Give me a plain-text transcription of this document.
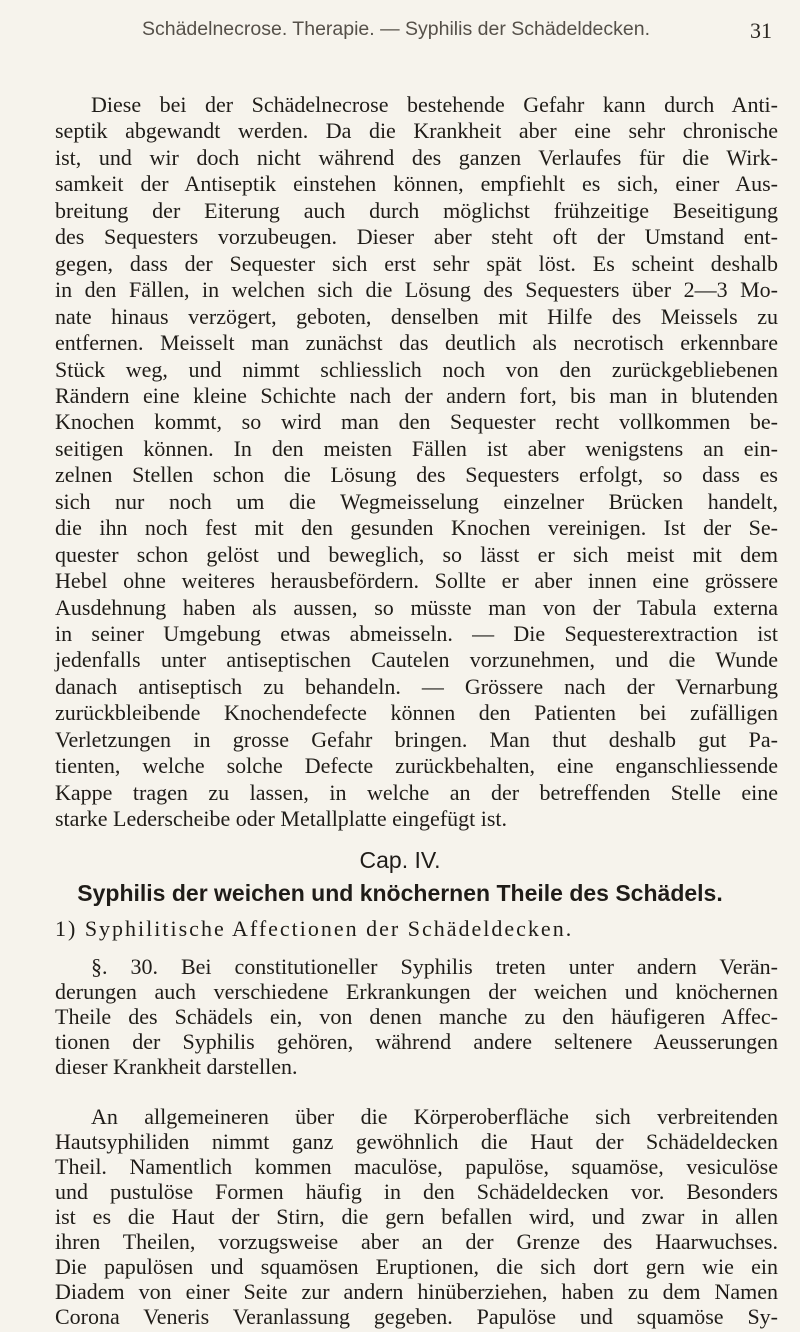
Schädelnecrose. Therapie. — Syphilis der Schädeldecken.	31
Diese bei der Schädelnecrose bestehende Gefahr kann durch Anti-
septik abgewandt werden. Da die Krankheit aber eine sehr chronische
ist, und wir doch nicht während des ganzen Verlaufes für die Wirk-
samkeit der Antiseptik einstehen können, empfiehlt es sich, einer Aus-
breitung der Eiterung auch durch möglichst frühzeitige Beseitigung
des Sequesters vorzubeugen. Dieser aber steht oft der Umstand ent-
gegen, dass der Sequester sich erst sehr spät löst. Es scheint deshalb
in den Fällen, in welchen sich die Lösung des Sequesters über 2—3 Mo-
nate hinaus verzögert, geboten, denselben mit Hilfe des Meissels zu
entfernen. Meisselt man zunächst das deutlich als necrotisch erkennbare
Stück weg, und nimmt schliesslich noch von den zurückgebliebenen
Rändern eine kleine Schichte nach der andern fort, bis man in blutenden
Knochen kommt, so wird man den Sequester recht vollkommen be-
seitigen können. In den meisten Fällen ist aber wenigstens an ein-
zelnen Stellen schon die Lösung des Sequesters erfolgt, so dass es
sich nur noch um die Wegmeisselung einzelner Brücken handelt,
die ihn noch fest mit den gesunden Knochen vereinigen. Ist der Se-
quester schon gelöst und beweglich, so lässt er sich meist mit dem
Hebel ohne weiteres herausbefördern. Sollte er aber innen eine grössere
Ausdehnung haben als aussen, so müsste man von der Tabula externa
in seiner Umgebung etwas abmeisseln. — Die Sequesterextraction ist
jedenfalls unter antiseptischen Cautelen vorzunehmen, und die Wunde
danach antiseptisch zu behandeln. — Grössere nach der Vernarbung
zurückbleibende Knochendefecte können den Patienten bei zufälligen
Verletzungen in grosse Gefahr bringen. Man thut deshalb gut Pa-
tienten, welche solche Defecte zurückbehalten, eine enganschliessende
Kappe tragen zu lassen, in welche an der betreffenden Stelle eine
starke Lederscheibe oder Metallplatte eingefügt ist.
Cap. IV.
Syphilis der weichen und knöchernen Theile des Schädels.
1) Syphilitische Affectionen der Schädeldecken.
§. 30. Bei constitutioneller Syphilis treten unter andern Verän-
derungen auch verschiedene Erkrankungen der weichen und knöchernen
Theile des Schädels ein, von denen manche zu den häufigeren Affec-
tionen der Syphilis gehören, während andere seltenere Aeusserungen
dieser Krankheit darstellen.
An allgemeineren über die Körperoberfläche sich verbreitenden
Hautsyphiliden nimmt ganz gewöhnlich die Haut der Schädeldecken
Theil. Namentlich kommen maculöse, papulöse, squamöse, vesiculöse
und pustulöse Formen häufig in den Schädeldecken vor. Besonders
ist es die Haut der Stirn, die gern befallen wird, und zwar in allen
ihren Theilen, vorzugsweise aber an der Grenze des Haarwuchses.
Die papulösen und squamösen Eruptionen, die sich dort gern wie ein
Diadem von einer Seite zur andern hinüberziehen, haben zu dem Namen
Corona Veneris Veranlassung gegeben. Papulöse und squamöse Sy-
